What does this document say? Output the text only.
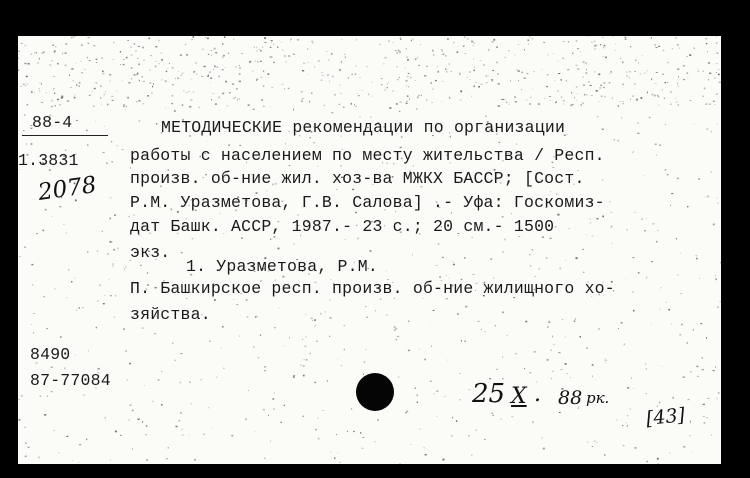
88-4
1.3831
2078
МЕТОДИЧЕСКИЕ рекомендации по организации
работы с населением по месту жительства / Респ.
произв. об-ние жил. хоз-ва МЖКХ БАССР; [Сост.
Р.М. Уразметова, Г.В. Салова] .- Уфа: Госкомиз-
дат Башк. АССР, 1987.- 23 с.; 20 см.- 1500
экз.
1. Уразметова, Р.М.
П. Башкирское респ. произв. об-ние жилищного хо-
зяйства.
8490
87-77084	25 X . 88 рк.
[43]
